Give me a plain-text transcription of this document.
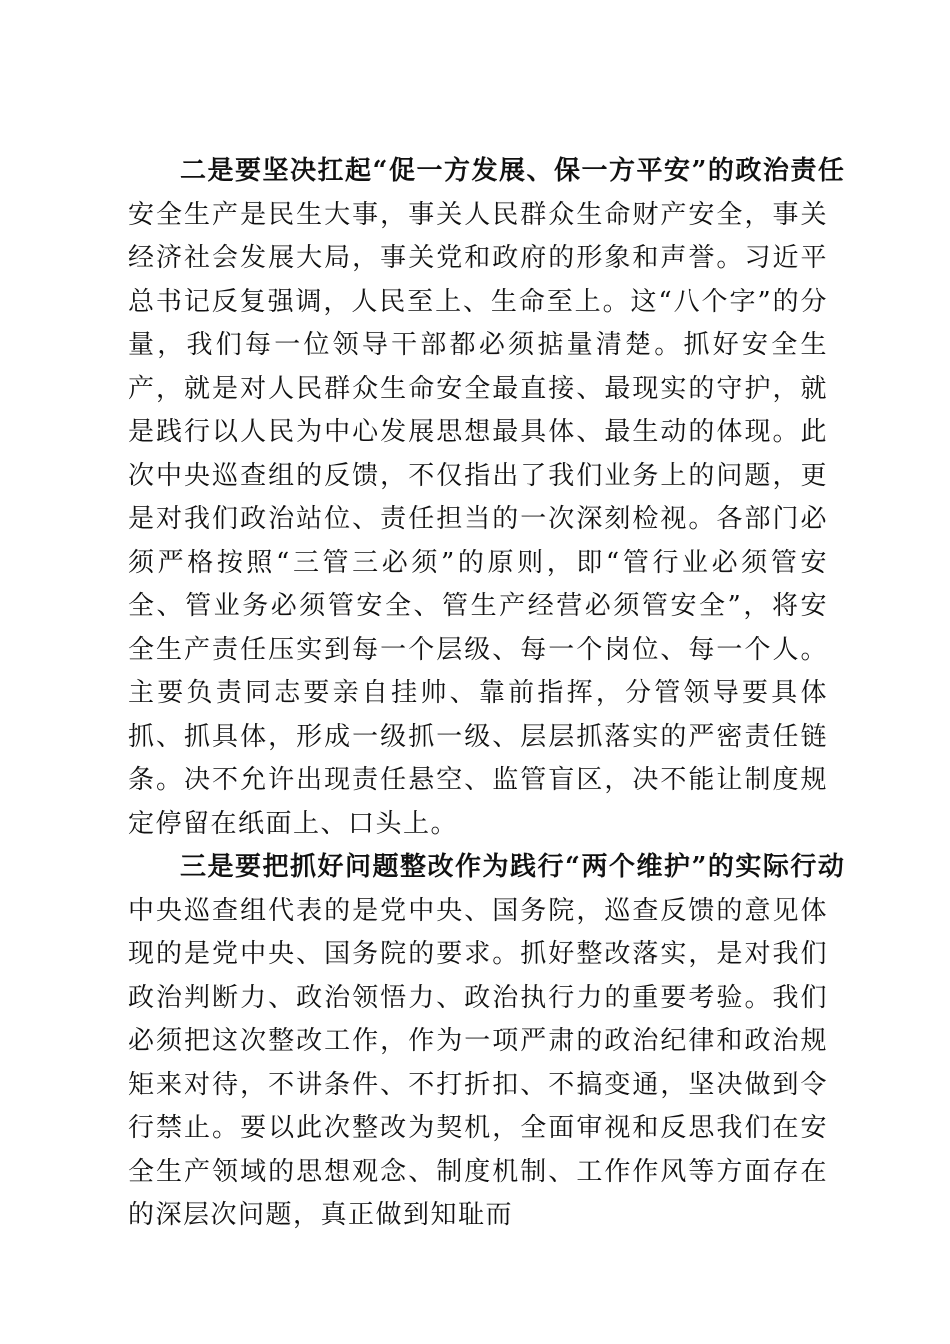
二是要坚决扛起“促一方发展、保一方平安”的政治责任

安全生产是民生大事，事关人民群众生命财产安全，事关经济社会发展大局，事关党和政府的形象和声誉。习近平总书记反复强调，人民至上、生命至上。这“八个字”的分量，我们每一位领导干部都必须掂量清楚。抓好安全生产，就是对人民群众生命安全最直接、最现实的守护，就是践行以人民为中心发展思想最具体、最生动的体现。此次中央巡查组的反馈，不仅指出了我们业务上的问题，更是对我们政治站位、责任担当的一次深刻检视。各部门必须严格按照“三管三必须”的原则，即“管行业必须管安全、管业务必须管安全、管生产经营必须管安全”，将安全生产责任压实到每一个层级、每一个岗位、每一个人。主要负责同志要亲自挂帅、靠前指挥，分管领导要具体抓、抓具体，形成一级抓一级、层层抓落实的严密责任链条。决不允许出现责任悬空、监管盲区，决不能让制度规定停留在纸面上、口头上。

三是要把抓好问题整改作为践行“两个维护”的实际行动

中央巡查组代表的是党中央、国务院，巡查反馈的意见体现的是党中央、国务院的要求。抓好整改落实，是对我们政治判断力、政治领悟力、政治执行力的重要考验。我们必须把这次整改工作，作为一项严肃的政治纪律和政治规矩来对待，不讲条件、不打折扣、不搞变通，坚决做到令行禁止。要以此次整改为契机，全面审视和反思我们在安全生产领域的思想观念、制度机制、工作作风等方面存在的深层次问题，真正做到知耻而
